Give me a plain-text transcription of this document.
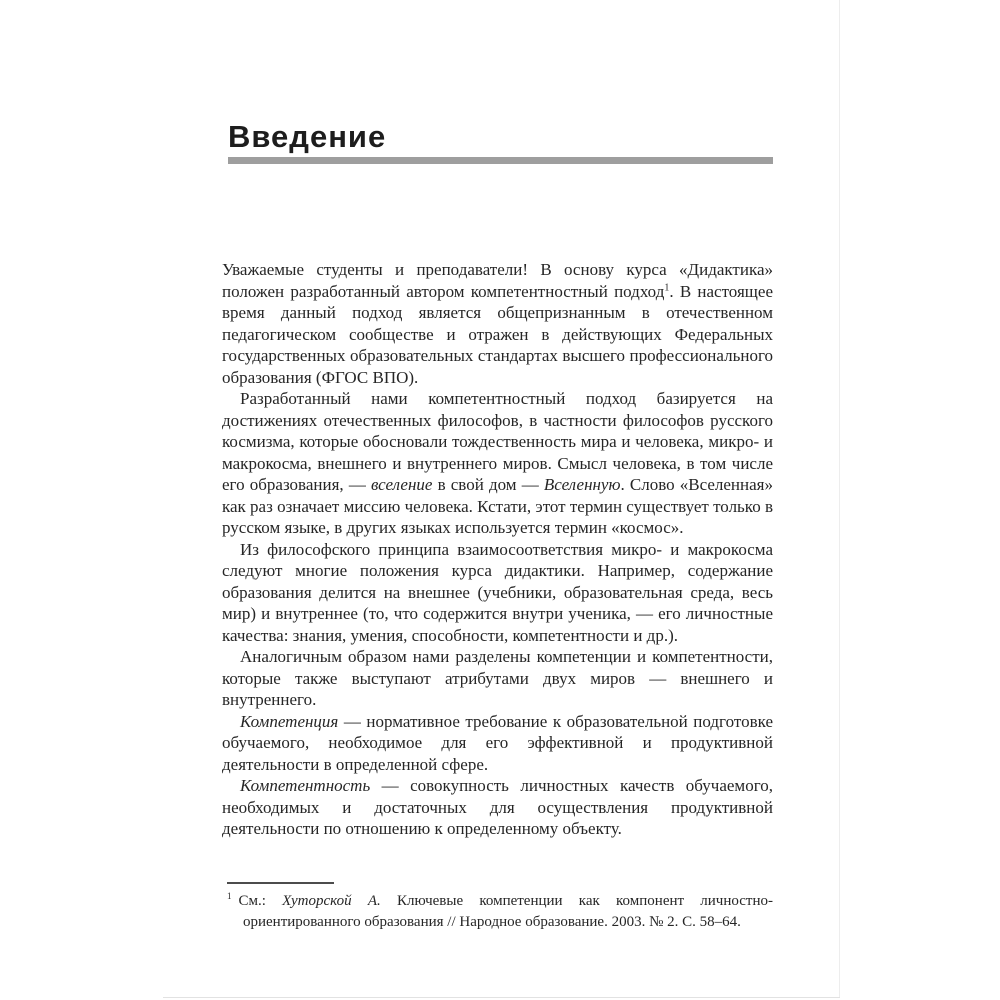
Введение

Уважаемые студенты и преподаватели! В основу курса «Дидактика» положен разработанный автором компетентностный подход$^1$. В настоящее время данный подход является общепризнанным в отечественном педагогическом сообществе и отражен в действующих Федеральных государственных образовательных стандартах высшего профессионального образования (ФГОС ВПО).

Разработанный нами компетентностный подход базируется на достижениях отечественных философов, в частности философов русского космизма, которые обосновали тождественность мира и человека, микро- и макрокосма, внешнего и внутреннего миров. Смысл человека, в том числе его образования, — вселение в свой дом — Вселенную. Слово «Вселенная» как раз означает миссию человека. Кстати, этот термин существует только в русском языке, в других языках используется термин «космос».

Из философского принципа взаимосоответствия микро- и макрокосма следуют многие положения курса дидактики. Например, содержание образования делится на внешнее (учебники, образовательная среда, весь мир) и внутреннее (то, что содержится внутри ученика, — его личностные качества: знания, умения, способности, компетентности и др.).

Аналогичным образом нами разделены компетенции и компетентности, которые также выступают атрибутами двух миров — внешнего и внутреннего.

Компетенция — нормативное требование к образовательной подготовке обучаемого, необходимое для его эффективной и продуктивной деятельности в определенной сфере.

Компетентность — совокупность личностных качеств обучаемого, необходимых и достаточных для осуществления продуктивной деятельности по отношению к определенному объекту.

$^1$ См.: Хуторской А. Ключевые компетенции как компонент личностно-ориентированного образования // Народное образование. 2003. № 2. С. 58–64.
